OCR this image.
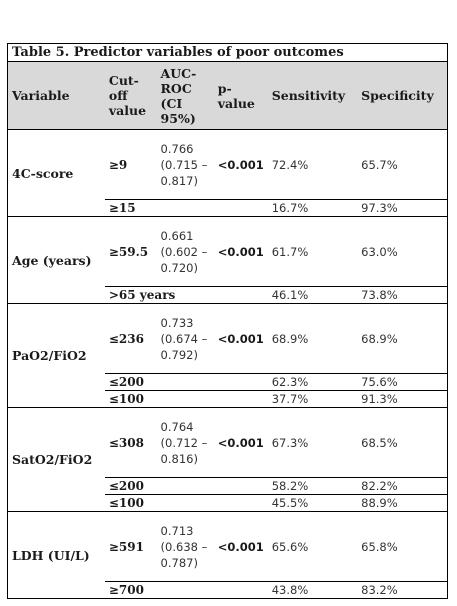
Table 5. Predictor variables of poor outcomes					
Variable	Cut-off value	AUC-ROC (CI 95%)	p-value	Sensitivity	Specificity
4C-score	≥9	0.766 (0.715 – 0.817)	<0.001	72.4%	65.7%
	≥15			16.7%	97.3%
Age (years)	≥59.5	0.661 (0.602 – 0.720)	<0.001	61.7%	63.0%
	>65 years			46.1%	73.8%
PaO2/FiO2	≤236	0.733 (0.674 – 0.792)	<0.001	68.9%	68.9%
	≤200			62.3%	75.6%
	≤100			37.7%	91.3%
SatO2/FiO2	≤308	0.764 (0.712 – 0.816)	<0.001	67.3%	68.5%
	≤200			58.2%	82.2%
	≤100			45.5%	88.9%
LDH (UI/L)	≥591	0.713 (0.638 – 0.787)	<0.001	65.6%	65.8%
	≥700			43.8%	83.2%
